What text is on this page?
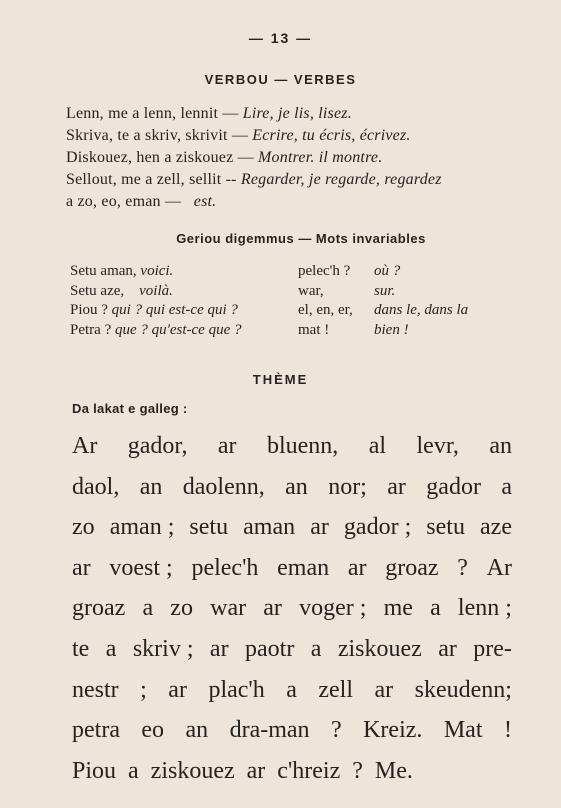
— 13 —
VERBOU — VERBES
Lenn, me a lenn, lennit — Lire, je lis, lisez.
Skriva, te a skriv, skrivit — Ecrire, tu écris, écrivez.
Diskouez, hen a ziskouez — Montrer. il montre.
Sellout, me a zell, sellit -- Regarder, je regarde, regardez
a zo, eo, eman — est.
Geriou digemmus — Mots invariables
Setu aman, voici.	pelec'h ? où ?
Setu aze, voilà.	war,	sur.
Piou ? qui ? qui est-ce qui ?	el, en, er, dans le, dans la
Petra ? que ? qu'est-ce que ?	mat !	bien !
THÈME
Da lakat e galleg :
Ar gador, ar bluenn, al levr, an
daol, an daolenn, an nor; ar gador a
zo aman ; setu aman ar gador ; setu aze
ar voest ; pelec'h eman ar groaz ? Ar
groaz a zo war ar voger ; me a lenn ;
te a skriv ; ar paotr a ziskouez ar pre-
nestr ; ar plac'h a zell ar skeudenn;
petra eo an dra-man ? Kreiz. Mat !
Piou a ziskouez ar c'hreiz ? Me.
